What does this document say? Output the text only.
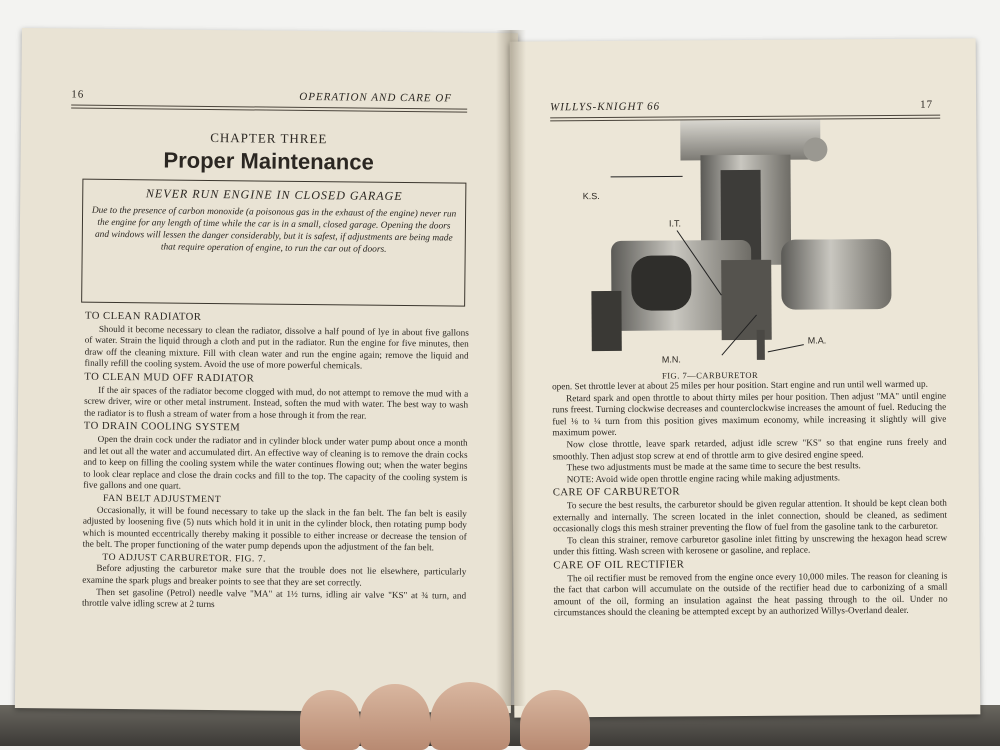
16	OPERATION AND CARE OF
CHAPTER THREE
Proper Maintenance
NEVER RUN ENGINE IN CLOSED GARAGE
Due to the presence of carbon monoxide (a poisonous gas in the exhaust of the engine) never run the engine for any length of time while the car is in a small, closed garage. Opening the doors and windows will lessen the danger considerably, but it is safest, if adjustments are being made that require operation of engine, to run the car out of doors.
TO CLEAN RADIATOR

Should it become necessary to clean the radiator, dissolve a half pound of lye in about five gallons of water. Strain the liquid through a cloth and put in the radiator. Run the engine for five minutes, then draw off the cleaning mixture. Fill with clean water and run the engine again; remove the liquid and finally refill the cooling system. Avoid the use of more powerful chemicals.

TO CLEAN MUD OFF RADIATOR

If the air spaces of the radiator become clogged with mud, do not attempt to remove the mud with a screw driver, wire or other metal instrument. Instead, soften the mud with water. The best way to wash the radiator is to flush a stream of water from a hose through it from the rear.

TO DRAIN COOLING SYSTEM

Open the drain cock under the radiator and in cylinder block under water pump about once a month and let out all the water and accumulated dirt. An effective way of cleaning is to remove the drain cocks and to keep on filling the cooling system while the water continues flowing out; when the water begins to look clear replace and close the drain cocks and fill to the top. The capacity of the cooling system is five gallons and one quart.

FAN BELT ADJUSTMENT

Occasionally, it will be found necessary to take up the slack in the fan belt. The fan belt is easily adjusted by loosening five (5) nuts which hold it in unit in the cylinder block, then rotating pump body which is mounted eccentrically thereby making it possible to either increase or decrease the tension of the belt. The proper functioning of the water pump depends upon the adjustment of the fan belt.

TO ADJUST CARBURETOR. FIG. 7.

Before adjusting the carburetor make sure that the trouble does not lie elsewhere, particularly examine the spark plugs and breaker points to see that they are set correctly.

Then set gasoline (Petrol) needle valve "MA" at 1½ turns, idling air valve "KS" at ¾ turn, and throttle valve idling screw at 2 turns

WILLYS-KNIGHT 66	17
K.S.
I.T.
M.N.
M.A.
FIG. 7—CARBURETOR

open. Set throttle lever at about 25 miles per hour position. Start engine and run until well warmed up.

Retard spark and open throttle to about thirty miles per hour position. Then adjust "MA" until engine runs freest. Turning clockwise decreases and counterclockwise increases the amount of fuel. Reducing the fuel ⅛ to ¼ turn from this position gives maximum economy, while increasing it slightly will give maximum power.

Now close throttle, leave spark retarded, adjust idle screw "KS" so that engine runs freely and smoothly. Then adjust stop screw at end of throttle arm to give desired engine speed.

These two adjustments must be made at the same time to secure the best results.

NOTE: Avoid wide open throttle engine racing while making adjustments.

CARE OF CARBURETOR

To secure the best results, the carburetor should be given regular attention. It should be kept clean both externally and internally. The screen located in the inlet connection, should be cleaned, as sediment occasionally clogs this mesh strainer preventing the flow of fuel from the gasoline tank to the carburetor.

To clean this strainer, remove carburetor gasoline inlet fitting by unscrewing the hexagon head screw under this fitting. Wash screen with kerosene or gasoline, and replace.

CARE OF OIL RECTIFIER

The oil rectifier must be removed from the engine once every 10,000 miles. The reason for cleaning is the fact that carbon will accumulate on the outside of the rectifier head due to carbonizing of a small amount of the oil, forming an insulation against the heat passing through to the oil. Under no circumstances should the cleaning be attempted except by an authorized Willys-Overland dealer.
